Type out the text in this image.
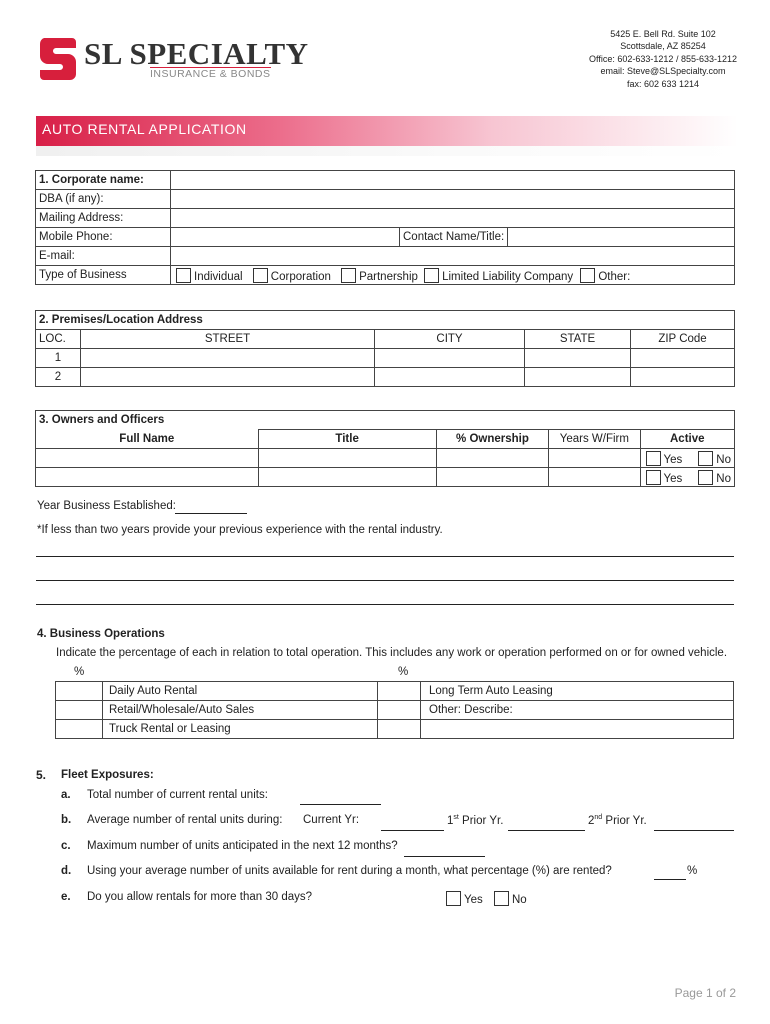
SL SPECIALTY
INSURANCE & BONDS
5425 E. Bell Rd. Suite 102
Scottsdale, AZ 85254
Office: 602-633-1212 / 855-633-1212
email: Steve@SLSpecialty.com
fax: 602 633 1214
AUTO RENTAL APPLICATION
1. Corporate name:		
DBA (if any):		
Mailing Address:		
Mobile Phone:		Contact Name/Title:
E-mail:		
Type of Business	Individual Corporation Partnership Limited Liability Company Other:	
2. Premises/Location Address				
LOC.	STREET	CITY	STATE	ZIP Code
1				
2				
3. Owners and Officers				
Full Name	Title	% Ownership	Years W/Firm	Active
				Yes No
				Yes No
Year Business Established:
*If less than two years provide your previous experience with the rental industry.
4. Business Operations
Indicate the percentage of each in relation to total operation. This includes any work or operation performed on or for owned vehicle.
%	%
	Daily Auto Rental		Long Term Auto Leasing
	Retail/Wholesale/Auto Sales		Other: Describe:
	Truck Rental or Leasing		
5. Fleet Exposures:
a. Total number of current rental units:
b. Average number of rental units during: Current Yr:	1st Prior Yr.	2nd Prior Yr.
c. Maximum number of units anticipated in the next 12 months?
d. Using your average number of units available for rent during a month, what percentage (%) are rented?	%
e. Do you allow rentals for more than 30 days?	Yes	No
Page 1 of 2
